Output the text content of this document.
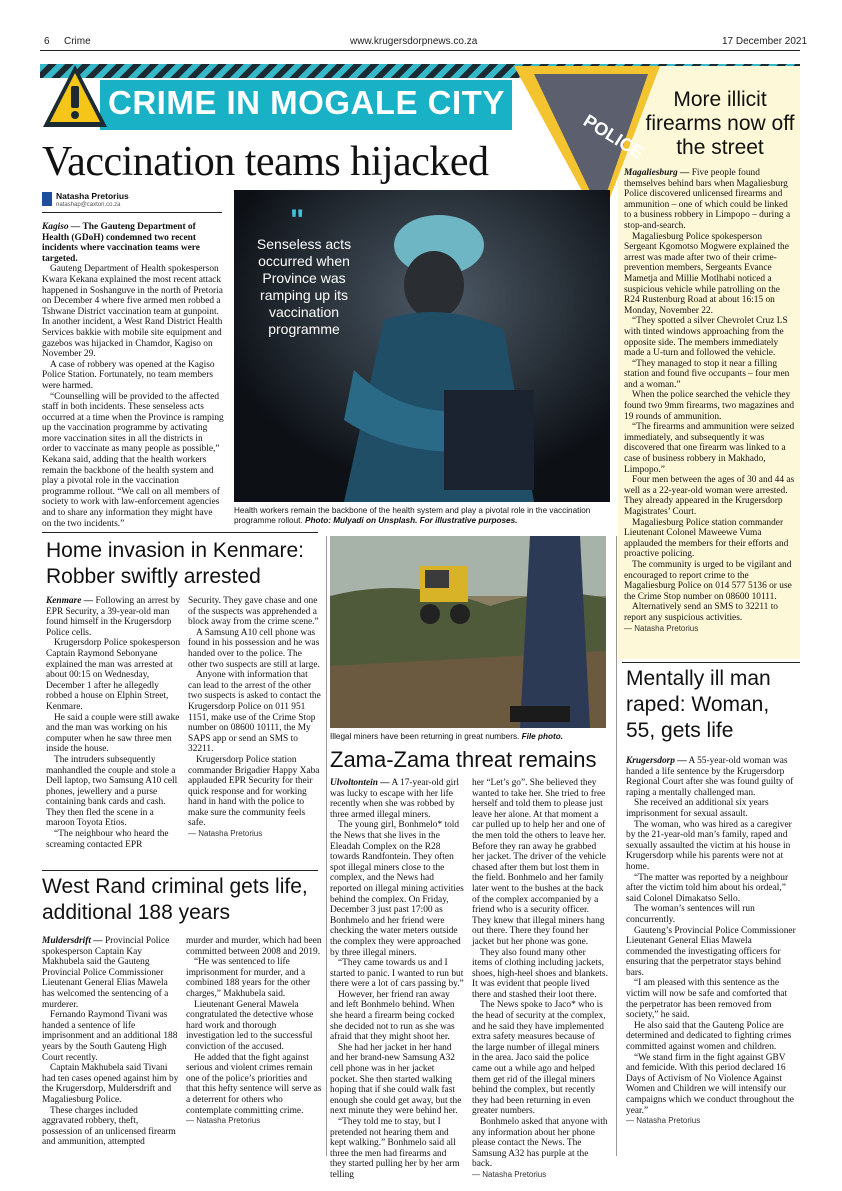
6 Crime	www.krugersdorpnews.co.za	17 December 2021
CRIME IN MOGALE CITY
POLICE
More illicit firearms now off the street
Vaccination teams hijacked
Natasha Pretorius
natashap@caxton.co.za

Kagiso — The Gauteng Department of Health (GDoH) condemned two recent incidents where vaccination teams were targeted.

Gauteng Department of Health spokesperson Kwara Kekana explained the most recent attack happened in Soshanguve in the north of Pretoria on December 4 where five armed men robbed a Tshwane District vaccination team at gunpoint. In another incident, a West Rand District Health Services bakkie with mobile site equipment and gazebos was hijacked in Chamdor, Kagiso on November 29.

A case of robbery was opened at the Kagiso Police Station. Fortunately, no team members were harmed.

“Counselling will be provided to the affected staff in both incidents. These senseless acts occurred at a time when the Province is ramping up the vaccination programme by activating more vaccination sites in all the districts in order to vaccinate as many people as possible,” Kekana said, adding that the health workers remain the backbone of the health system and play a pivotal role in the vaccination programme rollout. “We call on all members of society to work with law-enforcement agencies and to share any information they might have on the two incidents.”

"
Senseless acts occurred when Province was ramping up its vaccination programme
Health workers remain the backbone of the health system and play a pivotal role in the vaccination programme rollout. Photo: Mulyadi on Unsplash. For illustrative purposes.

Magaliesburg — Five people found themselves behind bars when Magaliesburg Police discovered unlicensed firearms and ammunition – one of which could be linked to a business robbery in Limpopo – during a stop-and-search.

Magaliesburg Police spokesperson Sergeant Kgomotso Mogwere explained the arrest was made after two of their crime-prevention members, Sergeants Evance Mametja and Millie Motlhabi noticed a suspicious vehicle while patrolling on the R24 Rustenburg Road at about 16:15 on Monday, November 22.

“They spotted a silver Chevrolet Cruz LS with tinted windows approaching from the opposite side. The members immediately made a U-turn and followed the vehicle.

“They managed to stop it near a filling station and found five occupants – four men and a woman.”

When the police searched the vehicle they found two 9mm firearms, two magazines and 19 rounds of ammunition.

“The firearms and ammunition were seized immediately, and subsequently it was discovered that one firearm was linked to a case of business robbery in Makhado, Limpopo.”

Four men between the ages of 30 and 44 as well as a 22-year-old woman were arrested. They already appeared in the Krugersdorp Magistrates’ Court.

Magaliesburg Police station commander Lieutenant Colonel Maweewe Vuma applauded the members for their efforts and proactive policing.

The community is urged to be vigilant and encouraged to report crime to the Magaliesburg Police on 014 577 5136 or use the Crime Stop number on 08600 10111.

Alternatively send an SMS to 32211 to report any suspicious activities.

— Natasha Pretorius

Home invasion in Kenmare: Robber swiftly arrested

Kenmare — Following an arrest by EPR Security, a 39-year-old man found himself in the Krugersdorp Police cells.

Krugersdorp Police spokesperson Captain Raymond Sebonyane explained the man was arrested at about 00:15 on Wednesday, December 1 after he allegedly robbed a house on Elphin Street, Kenmare.

He said a couple were still awake and the man was working on his computer when he saw three men inside the house.

The intruders subsequently manhandled the couple and stole a Dell laptop, two Samsung A10 cell phones, jewellery and a purse containing bank cards and cash. They then fled the scene in a maroon Toyota Etios.

“The neighbour who heard the screaming contacted EPR

Security. They gave chase and one of the suspects was apprehended a block away from the crime scene.”

A Samsung A10 cell phone was found in his possession and he was handed over to the police. The other two suspects are still at large.

Anyone with information that can lead to the arrest of the other two suspects is asked to contact the Krugersdorp Police on 011 951 1151, make use of the Crime Stop number on 08600 10111, the My SAPS app or send an SMS to 32211.

Krugersdorp Police station commander Brigadier Happy Xaba applauded EPR Security for their quick response and for working hand in hand with the police to make sure the community feels safe.

— Natasha Pretorius

West Rand criminal gets life, additional 188 years

Muldersdrift — Provincial Police spokesperson Captain Kay Makhubela said the Gauteng Provincial Police Commissioner Lieutenant General Elias Mawela has welcomed the sentencing of a murderer.

Fernando Raymond Tivani was handed a sentence of life imprisonment and an additional 188 years by the South Gauteng High Court recently.

Captain Makhubela said Tivani had ten cases opened against him by the Krugersdorp, Muldersdrift and Magaliesburg Police.

These charges included aggravated robbery, theft, possession of an unlicensed firearm and ammunition, attempted

murder and murder, which had been committed between 2008 and 2019.

“He was sentenced to life imprisonment for murder, and a combined 188 years for the other charges,” Makhubela said.

Lieutenant General Mawela congratulated the detective whose hard work and thorough investigation led to the successful conviction of the accused.

He added that the fight against serious and violent crimes remain one of the police’s priorities and that this hefty sentence will serve as a deterrent for others who contemplate committing crime.

— Natasha Pretorius

Illegal miners have been returning in great numbers. File photo.
Zama-Zama threat remains

Ulvoltontein — A 17-year-old girl was lucky to escape with her life recently when she was robbed by three armed illegal miners.

The young girl, Bonhmelo* told the News that she lives in the Eleadah Complex on the R28 towards Randfontein. They often spot illegal miners close to the complex, and the News had reported on illegal mining activities behind the complex. On Friday, December 3 just past 17:00 as Bonhmelo and her friend were checking the water meters outside the complex they were approached by three illegal miners.

“They came towards us and I started to panic. I wanted to run but there were a lot of cars passing by.”

However, her friend ran away and left Bonhmelo behind. When she heard a firearm being cocked she decided not to run as she was afraid that they might shoot her.

She had her jacket in her hand and her brand-new Samsung A32 cell phone was in her jacket pocket. She then started walking hoping that if she could walk fast enough she could get away, but the next minute they were behind her.

“They told me to stay, but I pretended not hearing them and kept walking.” Bonhmelo said all three the men had firearms and they started pulling her by her arm telling

her “Let’s go”. She believed they wanted to take her. She tried to free herself and told them to please just leave her alone. At that moment a car pulled up to help her and one of the men told the others to leave her. Before they ran away he grabbed her jacket. The driver of the vehicle chased after them but lost them in the field. Bonhmelo and her family later went to the bushes at the back of the complex accompanied by a friend who is a security officer. They knew that illegal miners hang out there. There they found her jacket but her phone was gone.

They also found many other items of clothing including jackets, shoes, high-heel shoes and blankets. It was evident that people lived there and stashed their loot there.

The News spoke to Jaco* who is the head of security at the complex, and he said they have implemented extra safety measures because of the large number of illegal miners in the area. Jaco said the police came out a while ago and helped them get rid of the illegal miners behind the complex, but recently they had been returning in even greater numbers.

Bonhmelo asked that anyone with any information about her phone please contact the News. The Samsung A32 has purple at the back.

— Natasha Pretorius

Mentally ill man raped: Woman, 55, gets life

Krugersdorp — A 55-year-old woman was handed a life sentence by the Krugersdorp Regional Court after she was found guilty of raping a mentally challenged man.

She received an additional six years imprisonment for sexual assault.

The woman, who was hired as a caregiver by the 21-year-old man’s family, raped and sexually assaulted the victim at his house in Krugersdorp while his parents were not at home.

“The matter was reported by a neighbour after the victim told him about his ordeal,” said Colonel Dimakatso Sello.

The woman’s sentences will run concurrently.

Gauteng’s Provincial Police Commissioner Lieutenant General Elias Mawela commended the investigating officers for ensuring that the perpetrator stays behind bars.

“I am pleased with this sentence as the victim will now be safe and comforted that the perpetrator has been removed from society,” he said.

He also said that the Gauteng Police are determined and dedicated to fighting crimes committed against women and children.

“We stand firm in the fight against GBV and femicide. With this period declared 16 Days of Activism of No Violence Against Women and Children we will intensify our campaigns which we conduct throughout the year.”

— Natasha Pretorius
